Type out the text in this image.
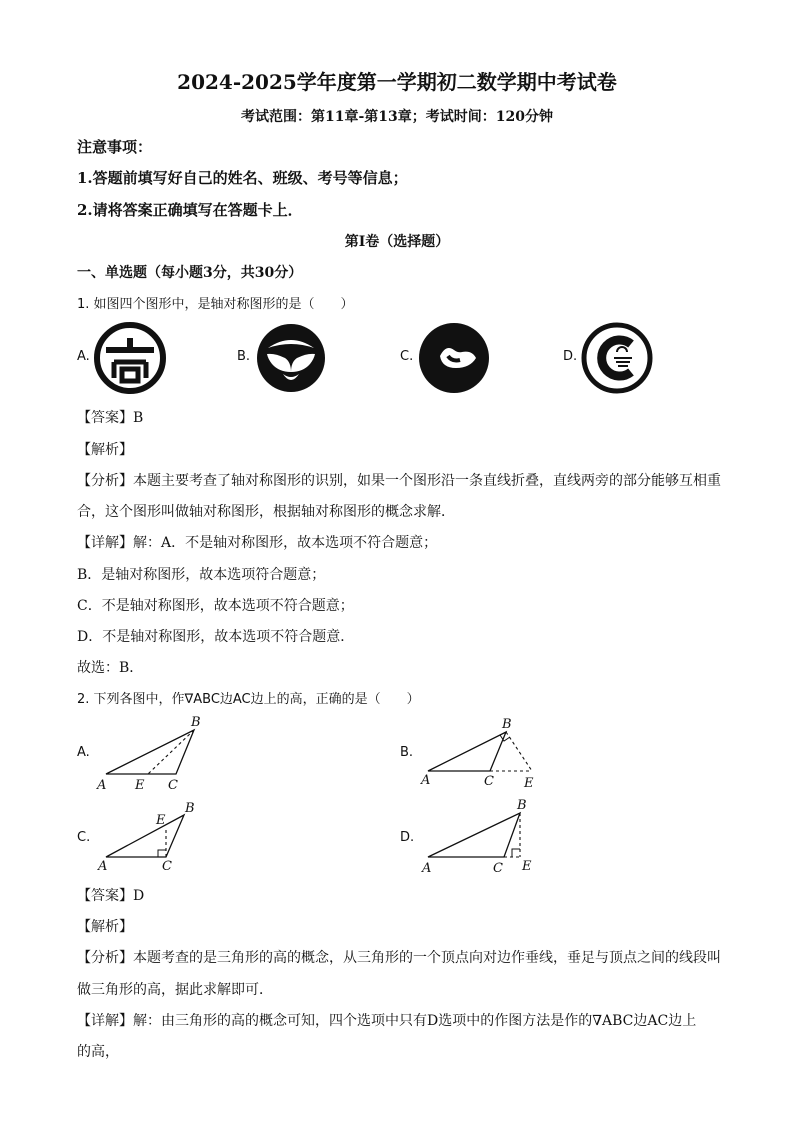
2024-2025学年度第一学期初二数学期中考试卷
考试范围：第11章-第13章；考试时间：120分钟
注意事项：
1.答题前填写好自己的姓名、班级、考号等信息；
2.请将答案正确填写在答题卡上．
第Ⅰ卷（选择题）
一、单选题（每小题3分，共30分）
1. 如图四个图形中，是轴对称图形的是（　　）
A.	B.	C.	D.
【答案】B
【解析】
【分析】本题主要考查了轴对称图形的识别，如果一个图形沿一条直线折叠，直线两旁的部分能够互相重
合，这个图形叫做轴对称图形，根据轴对称图形的概念求解．
【详解】解：A．不是轴对称图形，故本选项不符合题意；
B．是轴对称图形，故本选项符合题意；
C．不是轴对称图形，故本选项不符合题意；
D．不是轴对称图形，故本选项不符合题意．
故选：B．
2. 下列各图中，作∇ABC边AC边上的高，正确的是（　　）
A.
A
B
C
E
B.
A
B
C E
C.
A
B
C
E
D.
A
B
C E
【答案】D
【解析】
【分析】本题考查的是三角形的高的概念，从三角形的一个顶点向对边作垂线，垂足与顶点之间的线段叫
做三角形的高，据此求解即可．
【详解】解：由三角形的高的概念可知，四个选项中只有D选项中的作图方法是作的∇ABC边AC边上
的高，
